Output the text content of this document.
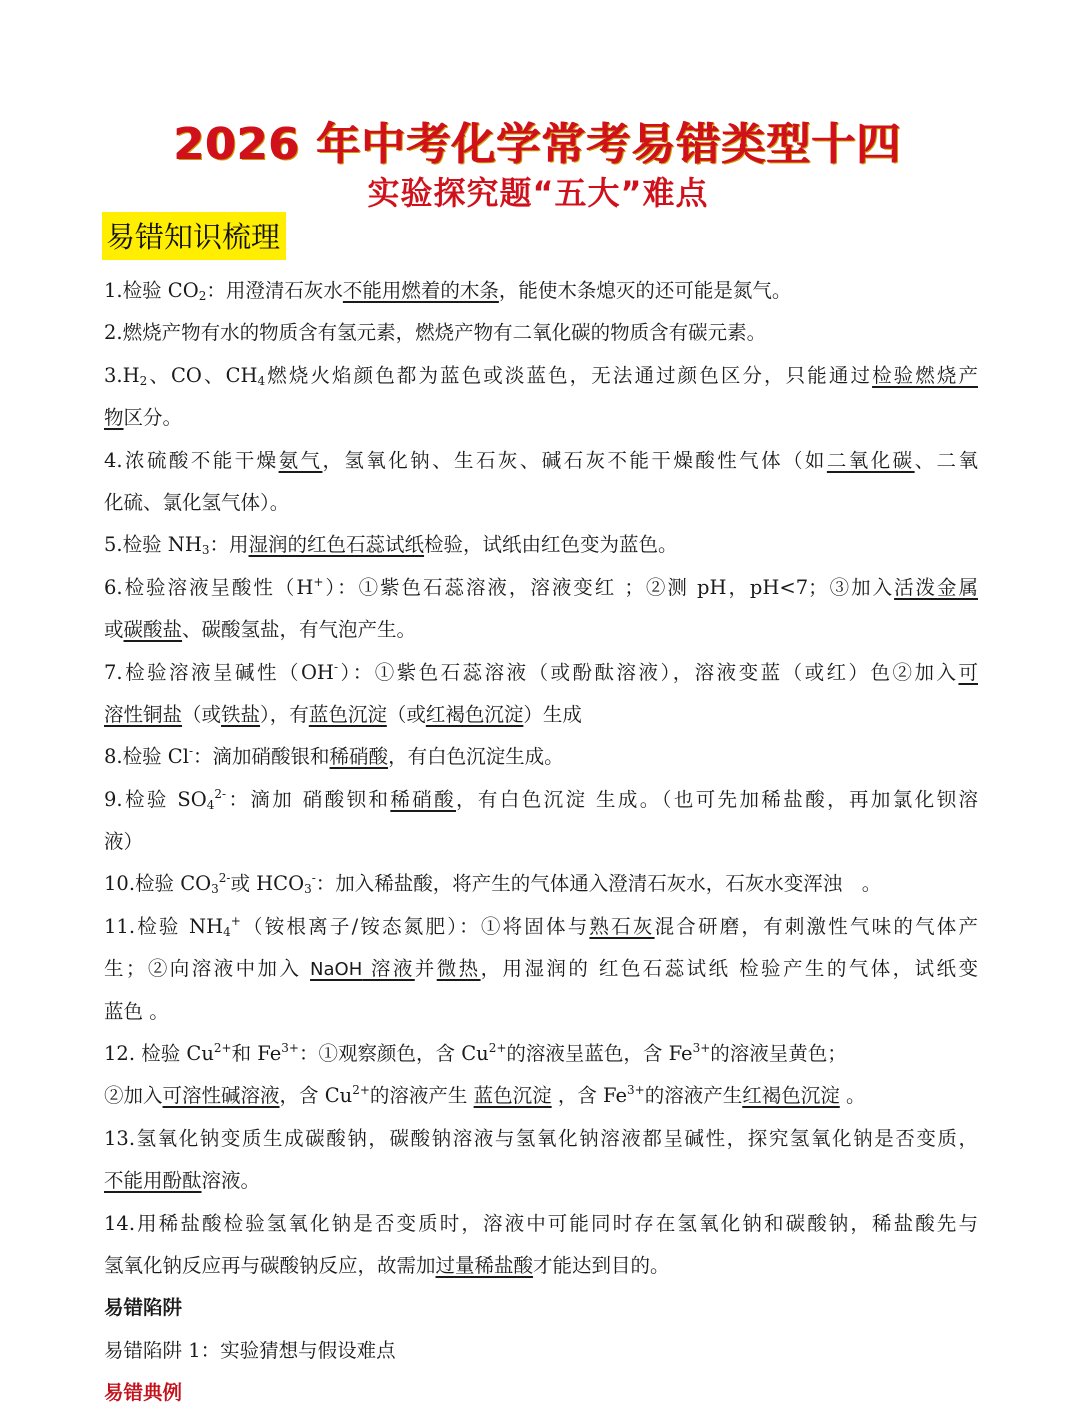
2026 年中考化学常考易错类型十四
实验探究题“五大”难点
易错知识梳理
1.检验 $CO_2$：用澄清石灰水不能用燃着的木条，能使木条熄灭的还可能是氮气。
2.燃烧产物有水的物质含有氢元素，燃烧产物有二氧化碳的物质含有碳元素。
$3.H_2$、CO、$CH_4$燃烧火焰颜色都为蓝色或淡蓝色，无法通过颜色区分，只能通过检验燃烧产
物区分。
4.浓硫酸不能干燥氨气，氢氧化钠、生石灰、碱石灰不能干燥酸性气体（如二氧化碳、二氧
化硫、氯化氢气体）。
5.检验 $NH_3$：用湿润的红色石蕊试纸检验，试纸由红色变为蓝色。
6.检验溶液呈酸性（H+）：①紫色石蕊溶液，溶液变红 ；②测 pH，pH<7；③加入活泼金属
或碳酸盐、碳酸氢盐，有气泡产生。
7.检验溶液呈碱性（OH-）：①紫色石蕊溶液（或酚酞溶液），溶液变蓝（或红）色②加入可
溶性铜盐（或铁盐），有蓝色沉淀（或红褐色沉淀）生成
8.检验 Cl-：滴加硝酸银和稀硝酸，有白色沉淀生成。
9.检验 $SO_4^{2-}$：滴加 硝酸钡和稀硝酸，有白色沉淀 生成。（也可先加稀盐酸，再加氯化钡溶
液）
10.检验 $CO_3^{2-}$或 $HCO_3^-$：加入稀盐酸，将产生的气体通入澄清石灰水，石灰水变浑浊　。
11.检验 $NH_4^+$（铵根离子/铵态氮肥）：①将固体与熟石灰混合研磨，有刺激性气味的气体产
生；②向溶液中加入 NaOH 溶液并微热，用湿润的 红色石蕊试纸 检验产生的气体，试纸变
蓝色 。
12. 检验 $Cu^{2+}$和 $Fe^{3+}$：①观察颜色，含 $Cu^{2+}$的溶液呈蓝色，含 $Fe^{3+}$的溶液呈黄色；
②加入可溶性碱溶液，含 $Cu^{2+}$的溶液产生 蓝色沉淀 ，含 $Fe^{3+}$的溶液产生红褐色沉淀 。
13.氢氧化钠变质生成碳酸钠，碳酸钠溶液与氢氧化钠溶液都呈碱性，探究氢氧化钠是否变质，
不能用酚酞溶液。
14.用稀盐酸检验氢氧化钠是否变质时，溶液中可能同时存在氢氧化钠和碳酸钠，稀盐酸先与
氢氧化钠反应再与碳酸钠反应，故需加过量稀盐酸才能达到目的。
易错陷阱
易错陷阱 1：实验猜想与假设难点
易错典例
